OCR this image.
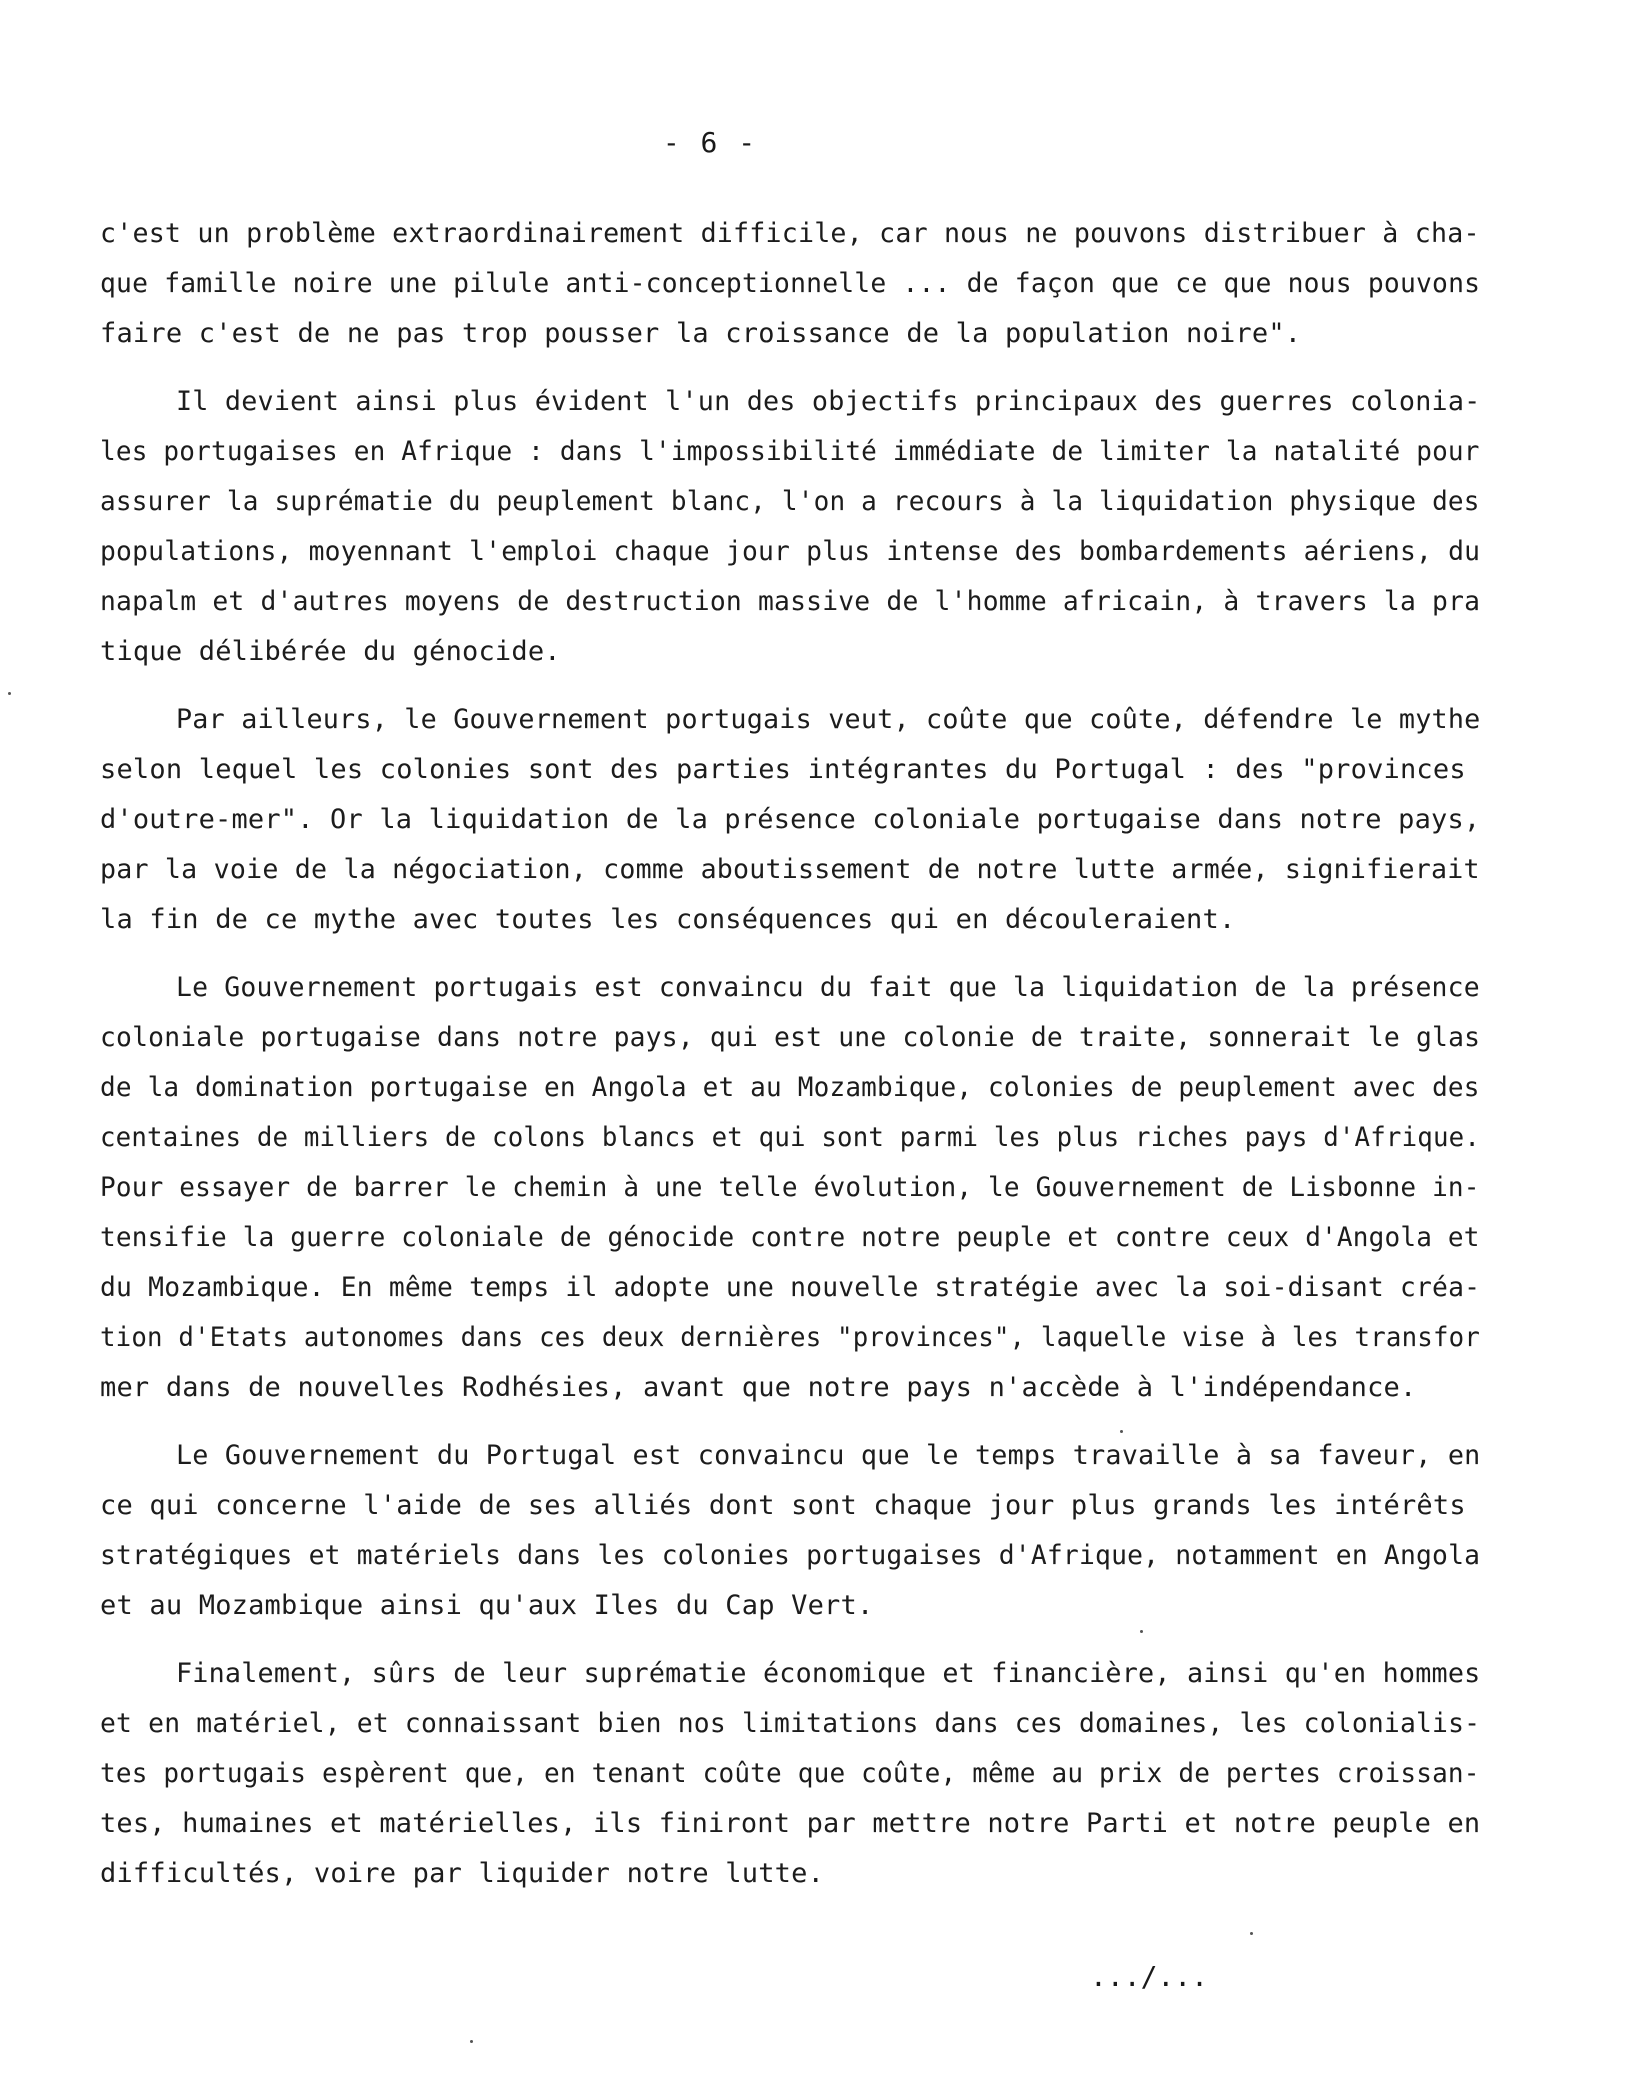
- 6 -
c'est un problème extraordinairement difficile, car nous ne pouvons distribuer à cha-
que famille noire une pilule anti-conceptionnelle ... de façon que ce que nous pouvons
faire c'est de ne pas trop pousser la croissance de la population noire".
Il devient ainsi plus évident l'un des objectifs principaux des guerres colonia-
les portugaises en Afrique : dans l'impossibilité immédiate de limiter la natalité pour
assurer la suprématie du peuplement blanc, l'on a recours à la liquidation physique des
populations, moyennant l'emploi chaque jour plus intense des bombardements aériens, du
napalm et d'autres moyens de destruction massive de l'homme africain, à travers la pra
tique délibérée du génocide.
Par ailleurs, le Gouvernement portugais veut, coûte que coûte, défendre le mythe
selon lequel les colonies sont des parties intégrantes du Portugal : des "provinces
d'outre-mer". Or la liquidation de la présence coloniale portugaise dans notre pays,
par la voie de la négociation, comme aboutissement de notre lutte armée, signifierait
la fin de ce mythe avec toutes les conséquences qui en découleraient.
Le Gouvernement portugais est convaincu du fait que la liquidation de la présence
coloniale portugaise dans notre pays, qui est une colonie de traite, sonnerait le glas
de la domination portugaise en Angola et au Mozambique, colonies de peuplement avec des
centaines de milliers de colons blancs et qui sont parmi les plus riches pays d'Afrique.
Pour essayer de barrer le chemin à une telle évolution, le Gouvernement de Lisbonne in-
tensifie la guerre coloniale de génocide contre notre peuple et contre ceux d'Angola et
du Mozambique. En même temps il adopte une nouvelle stratégie avec la soi-disant créa-
tion d'Etats autonomes dans ces deux dernières "provinces", laquelle vise à les transfor
mer dans de nouvelles Rodhésies, avant que notre pays n'accède à l'indépendance.
Le Gouvernement du Portugal est convaincu que le temps travaille à sa faveur, en
ce qui concerne l'aide de ses alliés dont sont chaque jour plus grands les intérêts
stratégiques et matériels dans les colonies portugaises d'Afrique, notamment en Angola
et au Mozambique ainsi qu'aux Iles du Cap Vert.
Finalement, sûrs de leur suprématie économique et financière, ainsi qu'en hommes
et en matériel, et connaissant bien nos limitations dans ces domaines, les colonialis-
tes portugais espèrent que, en tenant coûte que coûte, même au prix de pertes croissan-
tes, humaines et matérielles, ils finiront par mettre notre Parti et notre peuple en
difficultés, voire par liquider notre lutte.
.../...
